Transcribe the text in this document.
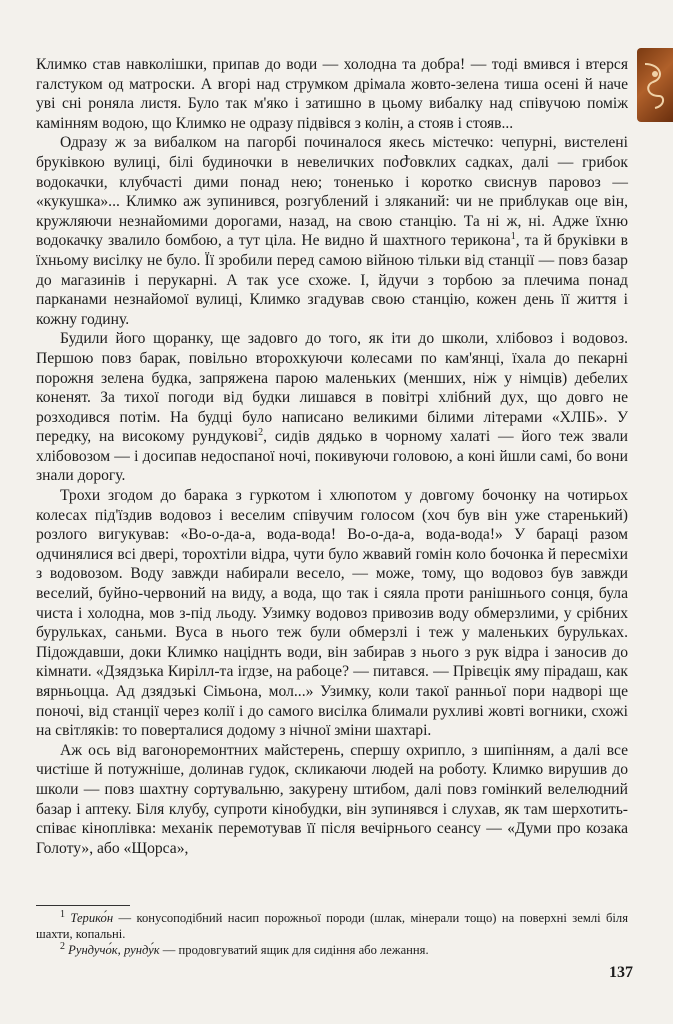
Климко став навколішки, припав до води — холодна та добра! — тоді вмився і втерся галстуком од матроски. А вгорі над струмком дрімала жовто-зелена тиша осені й наче уві сні роняла листя. Було так м'яко і затишно в цьому вибалку над співучою поміж камінням водою, що Климко не одразу підвівся з колін, а стояв і стояв...

Одразу ж за вибалком на пагорбі починалося якесь містечко: чепурні, вистелені бруківкою вулиці, білі будиночки в невеличких поժовклих садках, далі — грибок водокачки, клубчасті дими понад нею; тоненько і коротко свиснув паровоз — «кукушка»... Климко аж зупинився, розгублений і зляканий: чи не приблукав оце він, кружляючи незнайомими дорогами, назад, на свою станцію. Та ні ж, ні. Адже їхню водокачку звалило бомбою, а тут ціла. Не видно й шахтного терикона$^1$, та й бруківки в їхньому висілку не було. Її зробили перед самою війною тільки від станції — повз базар до магазинів і перукарні. А так усе схоже. І, йдучи з торбою за плечима понад парканами незнайомої вулиці, Климко згадував свою станцію, кожен день її життя і кожну годину.

Будили його щоранку, ще задовго до того, як іти до школи, хлібовоз і водовоз. Першою повз барак, повільно второхкуючи колесами по кам'янці, їхала до пекарні порожня зелена будка, запряжена парою маленьких (менших, ніж у німців) дебелих коненят. За тихої погоди від будки лишався в повітрі хлібний дух, що довго не розходився потім. На будці було написано великими білими літерами «ХЛІБ». У передку, на високому рундукові$^2$, сидів дядько в чорному халаті — його теж звали хлібовозом — і досипав недоспаної ночі, покивуючи головою, а коні йшли самі, бо вони знали дорогу.

Трохи згодом до барака з гуркотом і хлюпотом у довгому бочонку на чотирьох колесах під'їздив водовоз і веселим співучим голосом (хоч був він уже старенький) розлого вигукував: «Во-о-да-а, вода-вода! Во-о-да-а, вода-вода!» У бараці разом одчинялися всі двері, торохтіли відра, чути було жвавий гомін коло бочонка й пересміхи з водовозом. Воду завжди набирали весело, — може, тому, що водовоз був завжди веселий, буйно-червоний на виду, а вода, що так і сяяла проти ранішнього сонця, була чиста і холодна, мов з-під льоду. Узимку водовоз привозив воду обмерзлими, у срібних бурульках, саньми. Вуса в нього теж були обмерзлі і теж у маленьких бурульках. Підождавши, доки Климко націднть води, він забирав з нього з рук відра і заносив до кімнати. «Дзядзька Кирілл-та ігдзе, на рабоце? — питався. — Прівєцік яму пірадаш, как вярньоцца. Ад дзядзькі Сімьона, мол...» Узимку, коли такої ранньої пори надворі ще поночі, від станції через колії і до самого висілка блимали рухливі жовті вогники, схожі на світляків: то поверталися додому з нічної зміни шахтарі.

Аж ось від вагоноремонтних майстерень, спершу охрипло, з шипінням, а далі все чистіше й потужніше, долинав гудок, скликаючи людей на роботу. Климко вирушив до школи — повз шахтну сортувальню, закурену штибом, далі повз гомінкий велелюдний базар і аптеку. Біля клубу, супроти кінобудки, він зупинявся і слухав, як там шерхотить-співає кіноплівка: механік перемотував її після вечірнього сеансу — «Думи про козака Голоту», або «Щорса»,

$^1$ Терико́н — конусоподібний насип порожньої породи (шлак, мінерали тощо) на поверхні землі біля шахти, копальні.

$^2$ Рундучо́к, рунду́к — продовгуватий ящик для сидіння або лежання.

137
